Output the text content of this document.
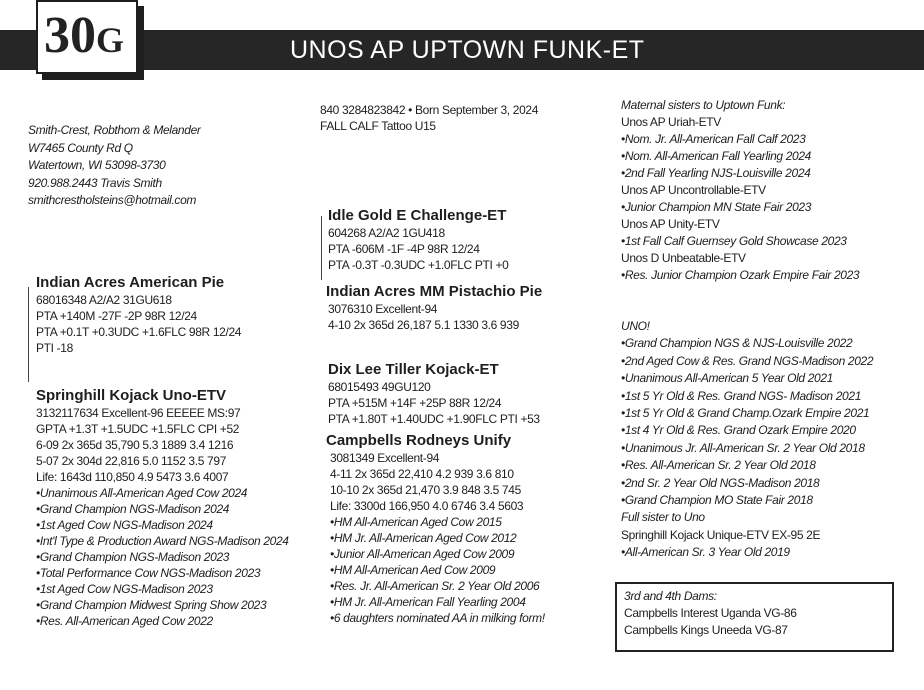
30G	UNOS AP UPTOWN FUNK-ET
Smith-Crest, Robthom & Melander
W7465 County Rd Q
Watertown, WI 53098-3730
920.988.2443 Travis Smith
smithcrestholsteins@hotmail.com
840 3284823842 • Born September 3, 2024
FALL CALF Tattoo U15
Indian Acres American Pie
68016348 A2/A2 31GU618
PTA +140M -27F -2P 98R 12/24
PTA +0.1T +0.3UDC +1.6FLC 98R 12/24
PTI -18
Idle Gold E Challenge-ET
604268 A2/A2 1GU418
PTA -606M -1F -4P 98R 12/24
PTA -0.3T -0.3UDC +1.0FLC PTI +0
Indian Acres MM Pistachio Pie
3076310 Excellent-94
4-10 2x 365d 26,187 5.1 1330 3.6 939
Springhill Kojack Uno-ETV
3132117634 Excellent-96 EEEEE MS:97
GPTA +1.3T +1.5UDC +1.5FLC CPI +52
6-09 2x 365d 35,790 5.3 1889 3.4 1216
5-07 2x 304d 22,816 5.0 1152 3.5 797
Life: 1643d 110,850 4.9 5473 3.6 4007
•Unanimous All-American Aged Cow 2024
•Grand Champion NGS-Madison 2024
•1st Aged Cow NGS-Madison 2024
•Int'l Type & Production Award NGS-Madison 2024
•Grand Champion NGS-Madison 2023
•Total Performance Cow NGS-Madison 2023
•1st Aged Cow NGS-Madison 2023
•Grand Champion Midwest Spring Show 2023
•Res. All-American Aged Cow 2022
Dix Lee Tiller Kojack-ET
68015493 49GU120
PTA +515M +14F +25P 88R 12/24
PTA +1.80T +1.40UDC +1.90FLC PTI +53
Campbells Rodneys Unify
3081349 Excellent-94
4-11 2x 365d 22,410 4.2 939 3.6 810
10-10 2x 365d 21,470 3.9 848 3.5 745
Life: 3300d 166,950 4.0 6746 3.4 5603
•HM All-American Aged Cow 2015
•HM Jr. All-American Aged Cow 2012
•Junior All-American Aged Cow 2009
•HM All-American Aed Cow 2009
•Res. Jr. All-American Sr. 2 Year Old 2006
•HM Jr. All-American Fall Yearling 2004
•6 daughters nominated AA in milking form!
Maternal sisters to Uptown Funk:
Unos AP Uriah-ETV
•Nom. Jr. All-American Fall Calf 2023
•Nom. All-American Fall Yearling 2024
•2nd Fall Yearling NJS-Louisville 2024
Unos AP Uncontrollable-ETV
•Junior Champion MN State Fair 2023
Unos AP Unity-ETV
•1st Fall Calf Guernsey Gold Showcase 2023
Unos D Unbeatable-ETV
•Res. Junior Champion Ozark Empire Fair 2023
UNO!
•Grand Champion NGS & NJS-Louisville 2022
•2nd Aged Cow & Res. Grand NGS-Madison 2022
•Unanimous All-American 5 Year Old 2021
•1st 5 Yr Old & Res. Grand NGS- Madison 2021
•1st 5 Yr Old & Grand Champ.Ozark Empire 2021
•1st 4 Yr Old & Res. Grand Ozark Empire 2020
•Unanimous Jr. All-American Sr. 2 Year Old 2018
•Res. All-American Sr. 2 Year Old 2018
•2nd Sr. 2 Year Old NGS-Madison 2018
•Grand Champion MO State Fair 2018
Full sister to Uno
Springhill Kojack Unique-ETV EX-95 2E
•All-American Sr. 3 Year Old 2019
3rd and 4th Dams:
Campbells Interest Uganda VG-86
Campbells Kings Uneeda VG-87
